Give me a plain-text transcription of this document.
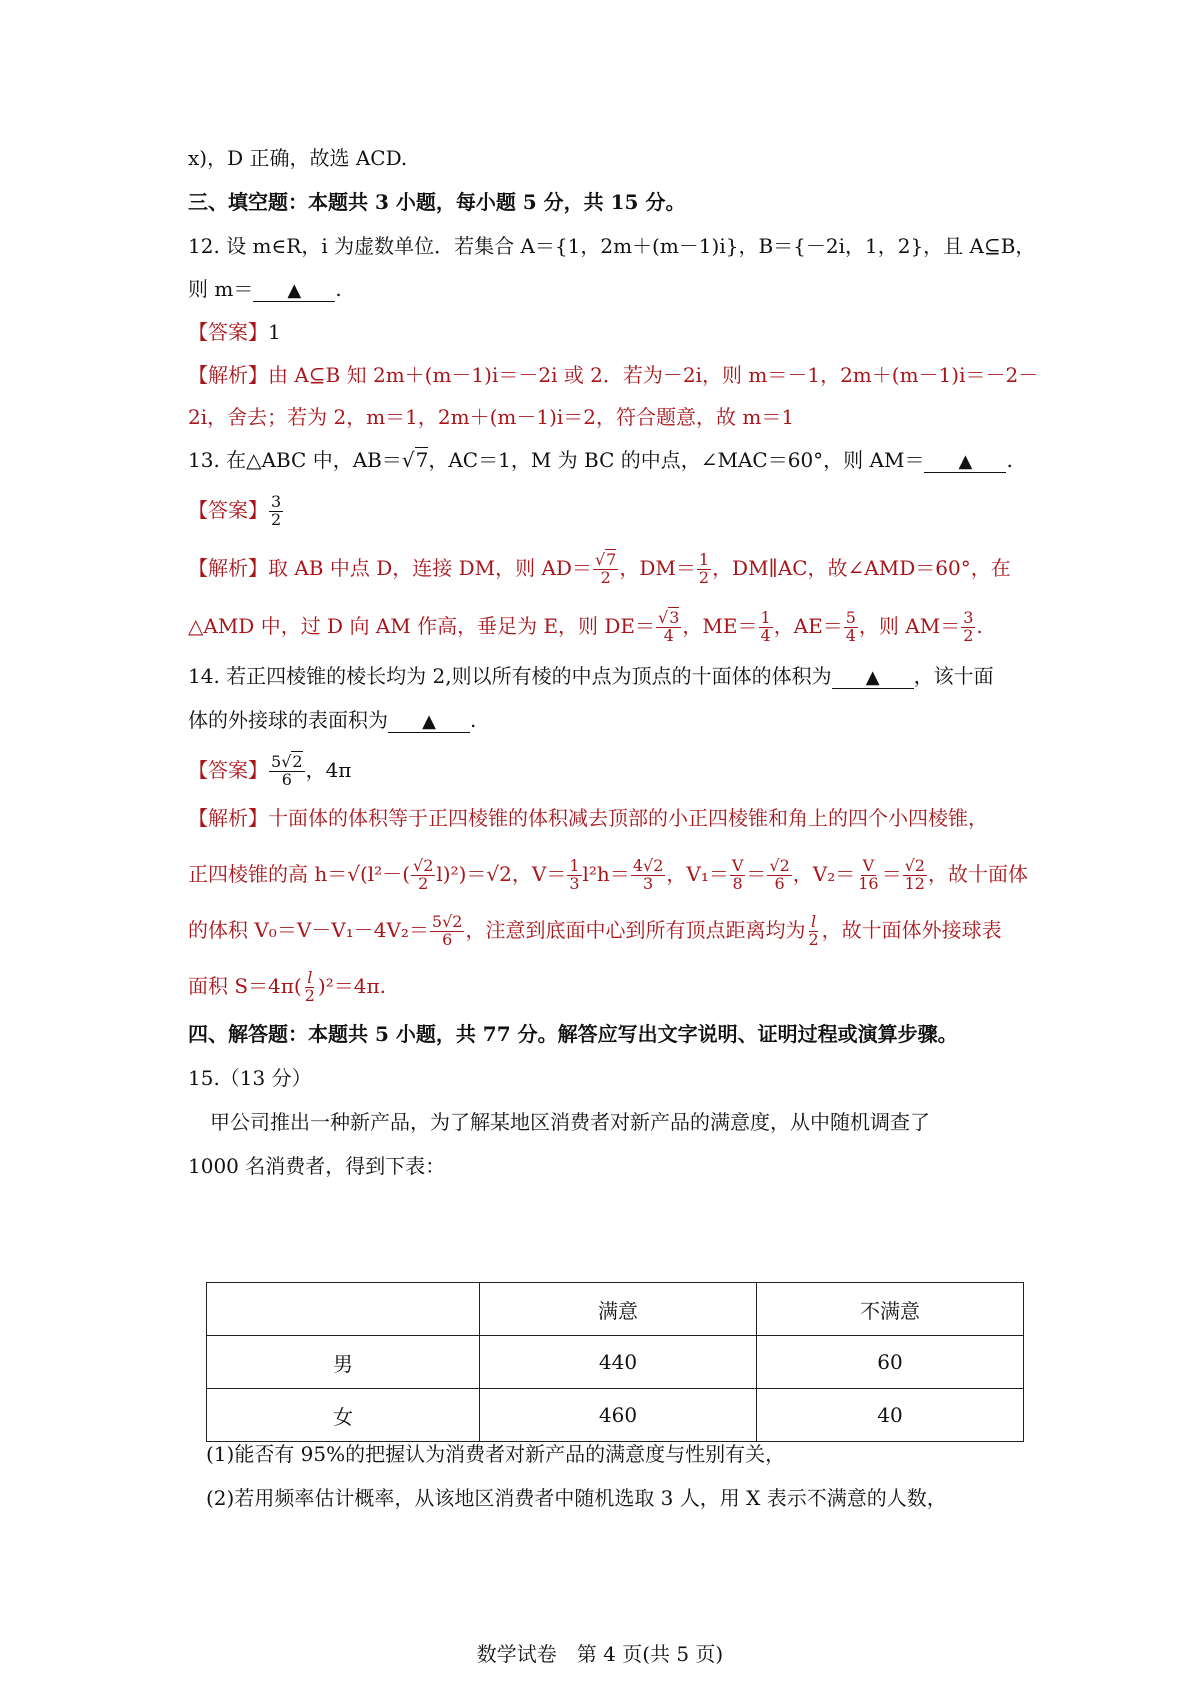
x)，D 正确，故选 ACD.
三、填空题：本题共 3 小题，每小题 5 分，共 15 分。
12. 设 m∈R，i 为虚数单位．若集合 A＝{1，2m＋(m－1)i}，B＝{－2i，1，2}，且 A⊆B，
则 m＝ ▲ .
【答案】1
【解析】由 A⊆B 知 2m＋(m－1)i＝－2i 或 2．若为－2i，则 m＝－1，2m＋(m－1)i＝－2－
2i，舍去；若为 2，m＝1，2m＋(m－1)i＝2，符合题意，故 m＝1
13. 在△ABC 中，AB＝√7，AC＝1，M 为 BC 的中点，∠MAC＝60°，则 AM＝ ▲ .
【答案】 $\frac{3}{2}$
【解析】取 AB 中点 D，连接 DM，则 $AD= \frac{√7}{2}$ ，$DM= \frac{1}{2}$ ，DM∥AC，故∠AMD＝60°，在
△AMD 中，过 D 向 AM 作高，垂足为 E，则 $DE= \frac{√3}{4}$ ，$ME= \frac{1}{4}$ ，$AE= \frac{5}{4}$ ，则 $AM= \frac{3}{2}$ .
14. 若正四棱锥的棱长均为 2,则以所有棱的中点为顶点的十面体的体积为 ▲ ，该十面
体的外接球的表面积为 ▲ .
【答案】 $\frac{5√2}{6}$ ，4π
【解析】十面体的体积等于正四棱锥的体积减去顶部的小正四棱锥和角上的四个小四棱锥，
正四棱锥的高 $h=√(l^2-( \frac{√2}{2} l)^2)=√2$，$V= \frac{1}{3} l^2h= \frac{4√2}{3}$ ，$V_1= \frac{V}{8} = \frac{√2}{6}$ ，$V_2= \frac{V}{16} = \frac{√2}{12}$ ，故十面体
的体积 $V_0=V-V_1-4V_2= \frac{5√2}{6}$ ，注意到底面中心到所有顶点距离均为 $\frac{l}{2}$ ，故十面体外接球表
面积 $S=4\pi( \frac{l}{2} )^2=4\pi$.
四、解答题：本题共 5 小题，共 77 分。解答应写出文字说明、证明过程或演算步骤。
15.（13 分）
甲公司推出一种新产品，为了解某地区消费者对新产品的满意度，从中随机调查了
1000 名消费者，得到下表：
	满意	不满意
男	440	60
女	460	40
(1)能否有 95%的把握认为消费者对新产品的满意度与性别有关，
(2)若用频率估计概率，从该地区消费者中随机选取 3 人，用 X 表示不满意的人数，
数学试卷　第 4 页(共 5 页)
